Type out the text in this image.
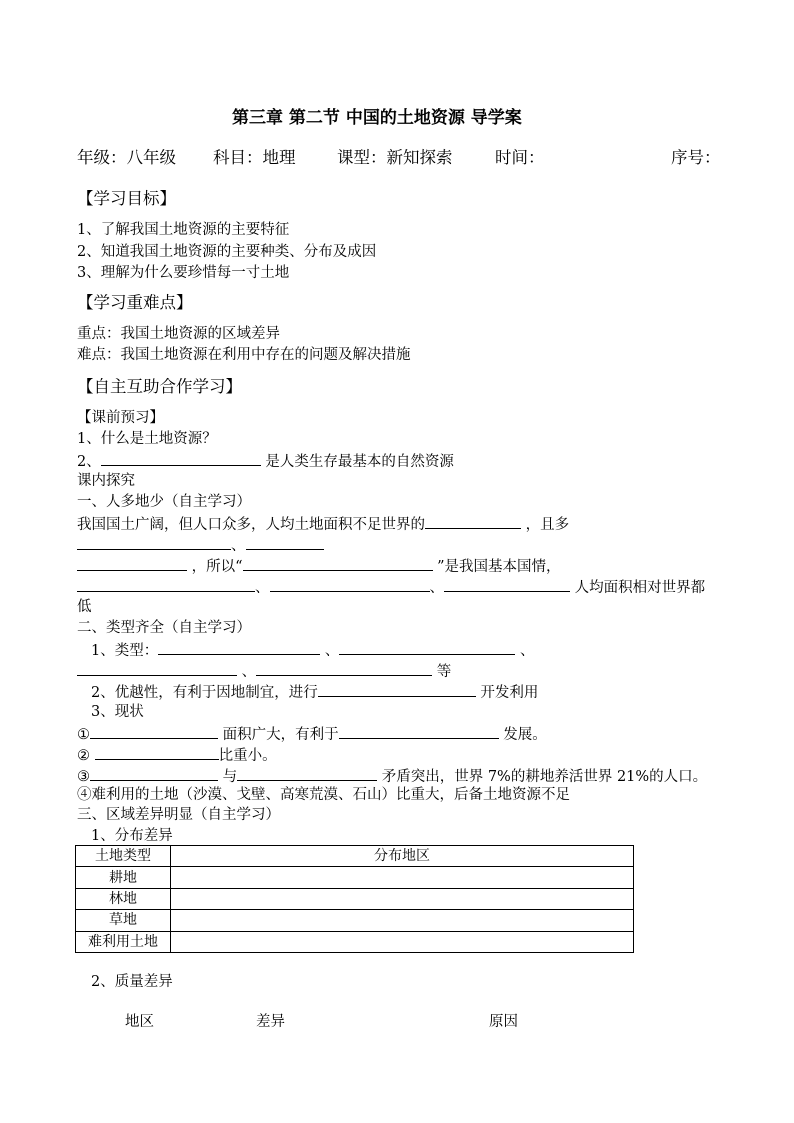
第三章 第二节 中国的土地资源 导学案
年级：八年级 科目：地理	课型：新知探索	时间：	序号：
【学习目标】
1、了解我国土地资源的主要特征
2、知道我国土地资源的主要种类、分布及成因
3、理解为什么要珍惜每一寸土地
【学习重难点】
重点：我国土地资源的区域差异
难点：我国土地资源在利用中存在的问题及解决措施
【自主互助合作学习】
【课前预习】
1、什么是土地资源？
2、	是人类生存最基本的自然资源
课内探究
一、人多地少（自主学习）
我国国土广阔，但人口众多，人均土地面积不足世界的	，且多
、
，所以“	”是我国基本国情，
、	、	人均面积相对世界都
低
二、类型齐全（自主学习）
1、类型：	、	、
、	等
2、优越性，有利于因地制宜，进行	开发利用
3、现状
①	面积广大，有利于	发展。
②	比重小。
③	与	矛盾突出，世界 7%的耕地养活世界 21%的人口。
④难利用的土地（沙漠、戈壁、高寒荒漠、石山）比重大，后备土地资源不足
三、区域差异明显（自主学习）
1、分布差异
土地类型	分布地区
耕地	
林地	
草地	
难利用土地	
2、质量差异
地区	差异	原因
